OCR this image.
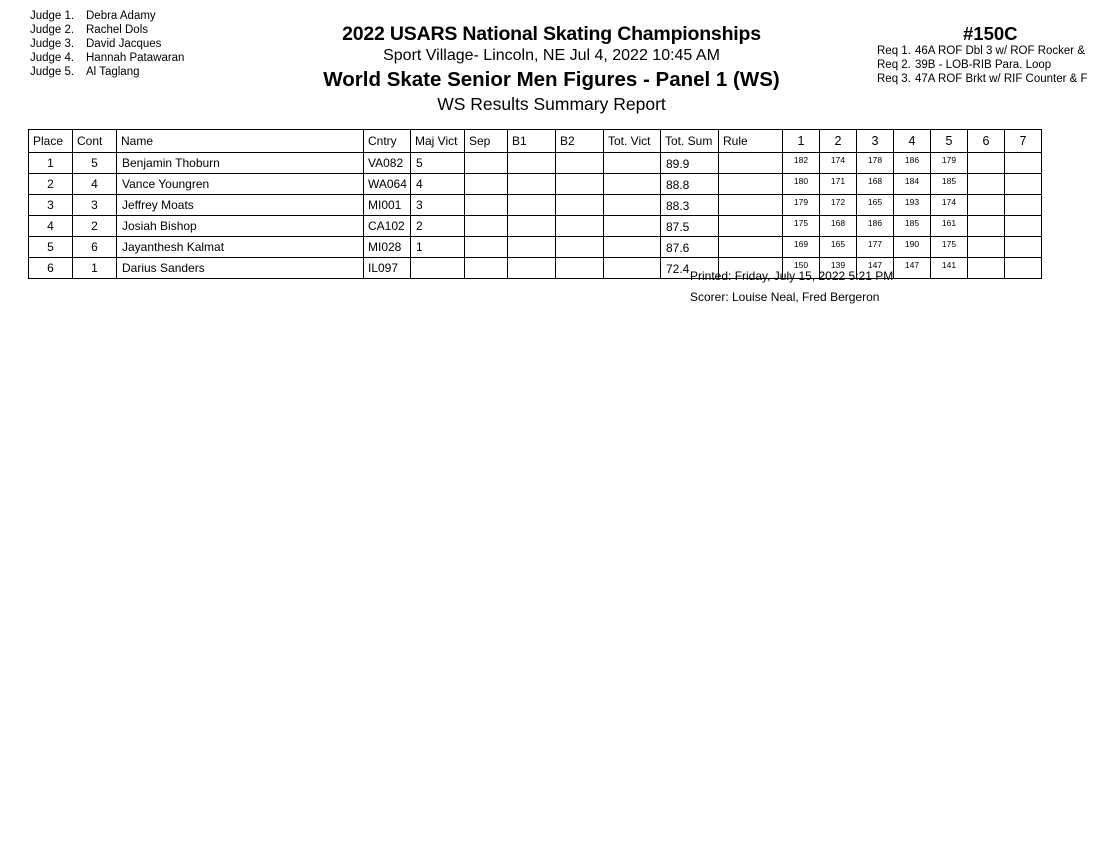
Judge 1. Debra Adamy
Judge 2. Rachel Dols
Judge 3. David Jacques
Judge 4. Hannah Patawaran
Judge 5. Al Taglang
2022 USARS National Skating Championships
Sport Village- Lincoln, NE Jul 4, 2022 10:45 AM
World Skate Senior Men Figures - Panel 1 (WS)
WS Results Summary Report
#150C
Req 1. 46A ROF Dbl 3 w/ ROF Rocker &
Req 2. 39B - LOB-RIB Para. Loop
Req 3. 47A ROF Brkt w/ RIF Counter & F
Place	Cont	Name	Cntry	Maj Vict	Sep	B1	B2	Tot. Vict	Tot. Sum	Rule	1	2	3	4	5	6	7
1	5	Benjamin Thoburn	VA082	5					89.9		182	174	178	186	179		
2	4	Vance Youngren	WA064	4					88.8		180	171	168	184	185		
3	3	Jeffrey Moats	MI001	3					88.3		179	172	165	193	174		
4	2	Josiah Bishop	CA102	2					87.5		175	168	186	185	161		
5	6	Jayanthesh Kalmat	MI028	1					87.6		169	165	177	190	175		
6	1	Darius Sanders	IL097						72.4		150	139	147	147	141		
Printed: Friday, July 15, 2022 5:21 PM
Scorer: Louise Neal, Fred Bergeron
